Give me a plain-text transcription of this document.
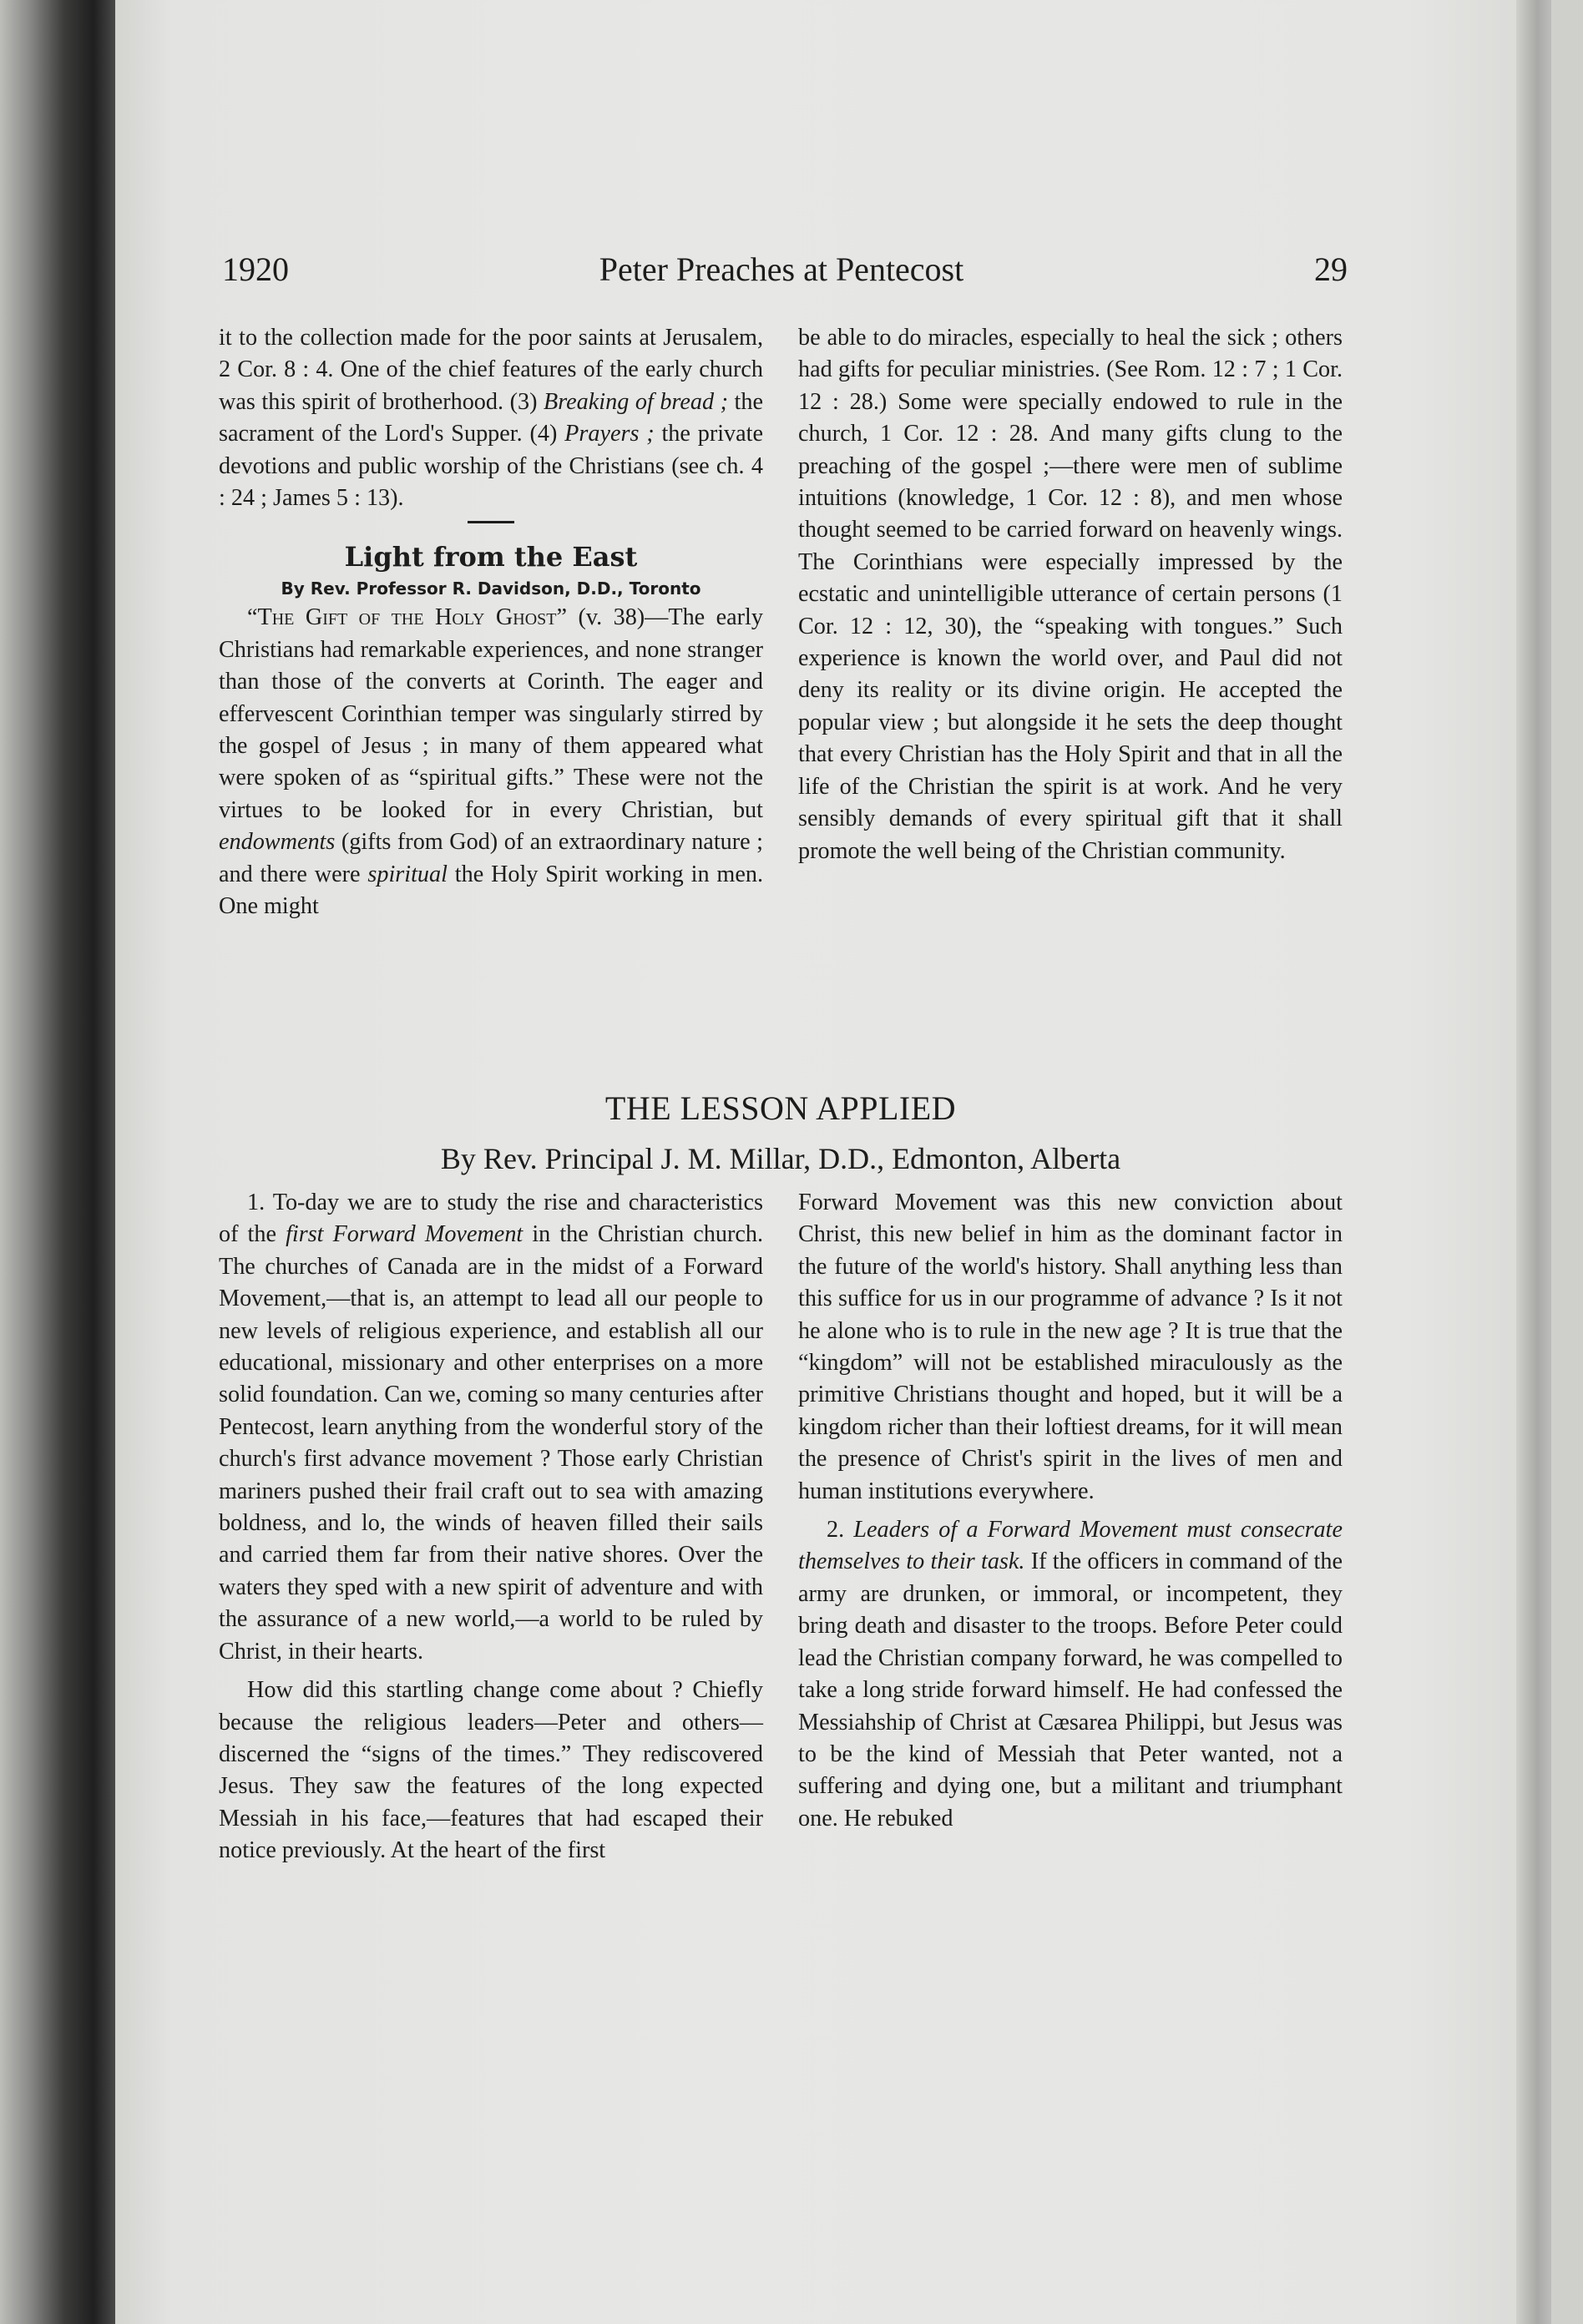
1920	Peter Preaches at Pentecost	29

it to the collection made for the poor saints at Jerusalem, 2 Cor. 8 : 4. One of the chief features of the early church was this spirit of brotherhood. (3) Breaking of bread ; the sacrament of the Lord's Supper. (4) Prayers ; the private devotions and public worship of the Christians (see ch. 4 : 24 ; James 5 : 13).

Light from the East

By Rev. Professor R. Davidson, D.D., Toronto

“The Gift of the Holy Ghost” (v. 38)—The early Christians had remarkable experiences, and none stranger than those of the converts at Corinth. The eager and effervescent Corinthian temper was singularly stirred by the gospel of Jesus ; in many of them appeared what were spoken of as “spiritual gifts.” These were not the virtues to be looked for in every Christian, but endowments (gifts from God) of an extraordinary nature ; and there were spiritual the Holy Spirit working in men. One might

be able to do miracles, especially to heal the sick ; others had gifts for peculiar ministries. (See Rom. 12 : 7 ; 1 Cor. 12 : 28.) Some were specially endowed to rule in the church, 1 Cor. 12 : 28. And many gifts clung to the preaching of the gospel ;—there were men of sublime intuitions (knowledge, 1 Cor. 12 : 8), and men whose thought seemed to be carried forward on heavenly wings. The Corinthians were especially impressed by the ecstatic and unintelligible utterance of certain persons (1 Cor. 12 : 12, 30), the “speaking with tongues.” Such experience is known the world over, and Paul did not deny its reality or its divine origin. He accepted the popular view ; but alongside it he sets the deep thought that every Christian has the Holy Spirit and that in all the life of the Christian the spirit is at work. And he very sensibly demands of every spiritual gift that it shall promote the well being of the Christian community.

THE LESSON APPLIED
By Rev. Principal J. M. Millar, D.D., Edmonton, Alberta

1. To-day we are to study the rise and characteristics of the first Forward Movement in the Christian church. The churches of Canada are in the midst of a Forward Movement,—that is, an attempt to lead all our people to new levels of religious experience, and establish all our educational, missionary and other enterprises on a more solid foundation. Can we, coming so many centuries after Pentecost, learn anything from the wonderful story of the church's first advance movement ? Those early Christian mariners pushed their frail craft out to sea with amazing boldness, and lo, the winds of heaven filled their sails and carried them far from their native shores. Over the waters they sped with a new spirit of adventure and with the assurance of a new world,—a world to be ruled by Christ, in their hearts.

How did this startling change come about ? Chiefly because the religious leaders—Peter and others—discerned the “signs of the times.” They rediscovered Jesus. They saw the features of the long expected Messiah in his face,—features that had escaped their notice previously. At the heart of the first

Forward Movement was this new conviction about Christ, this new belief in him as the dominant factor in the future of the world's history. Shall anything less than this suffice for us in our programme of advance ? Is it not he alone who is to rule in the new age ? It is true that the “kingdom” will not be established miraculously as the primitive Christians thought and hoped, but it will be a kingdom richer than their loftiest dreams, for it will mean the presence of Christ's spirit in the lives of men and human institutions everywhere.

2. Leaders of a Forward Movement must consecrate themselves to their task. If the officers in command of the army are drunken, or immoral, or incompetent, they bring death and disaster to the troops. Before Peter could lead the Christian company forward, he was compelled to take a long stride forward himself. He had confessed the Messiahship of Christ at Cæsarea Philippi, but Jesus was to be the kind of Messiah that Peter wanted, not a suffering and dying one, but a militant and triumphant one. He rebuked
